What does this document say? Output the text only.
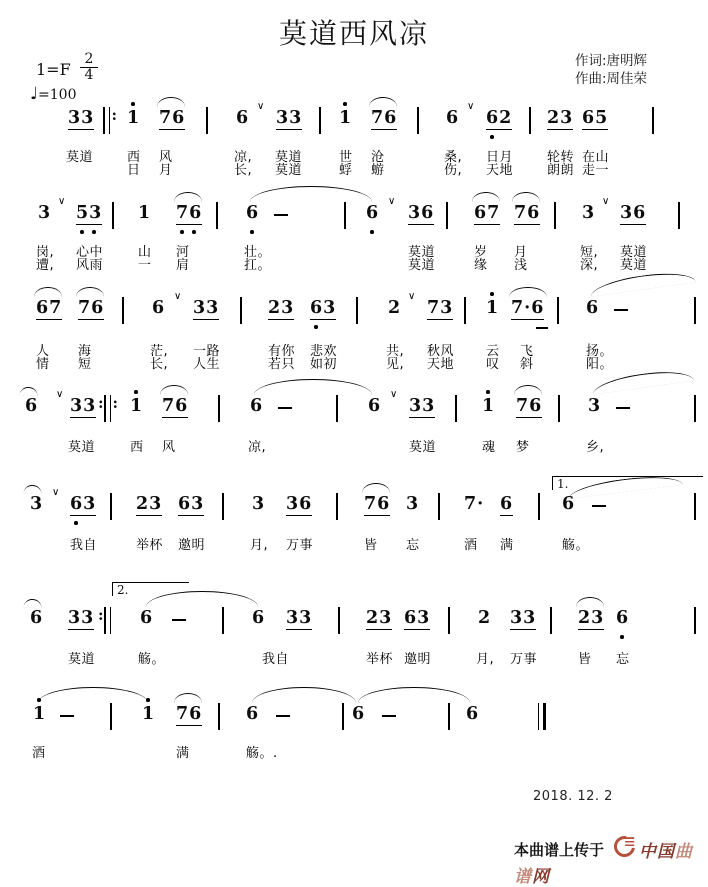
莫道西风凉
$1=F \frac{2}{4}$
♩=100
作词:唐明辉
作曲:周佳荣
33 : 1 76	6
∨
33 1 76	6
∨
62 23 65
莫道	西 风	凉, 莫道	世 沧	桑, 日月	轮转 在山
日 月	长, 莫道	蜉 蝣	伤, 天地	朗朗 走一
3
∨
53 1 76 6	6
∨
36 67 76 3
∨
36
岗, 心中	山 河	壮。	莫道	岁 月	短, 莫道
遭, 风雨	一 肩	扛。	莫道	缘 浅	深, 莫道
67 76	6
∨
33	23 63	2
∨
73 1 7·6 6
人 海	茫, 一路	有你 悲欢	共, 秋风 云 飞	扬。
情 短	长, 人生	若只 如初	见, 天地 叹 斜	阳。
6
∨
33 :  : 1 76	6	6
∨
33	1 76	3
莫道	西 风	凉,	莫道	魂 梦	乡,
3
∨
63 23 63	3 36	76 3	7· 6	6
1.
我自	举杯 邀明	月, 万事	皆 忘	酒 满	觞。
6 33 :	6	6 33	23 63	2 33 23 6
2.
莫道	觞。	我自	举杯 邀明	月, 万事	皆 忘
1	1 76 6	6	6
酒	满	觞。.
2018. 12. 2
本曲谱上传于 中国曲谱网
